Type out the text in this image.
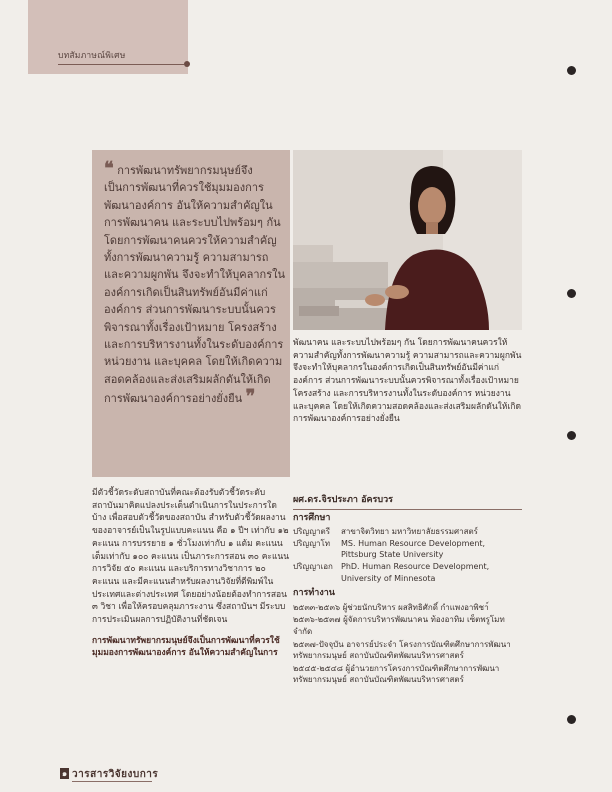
บทสัมภาษณ์พิเศษ
❝ การพัฒนาทรัพยากรมนุษย์จึงเป็นการพัฒนาที่ควรใช้มุมมองการพัฒนาองค์การ อันให้ความสำคัญในการพัฒนาคน และระบบไปพร้อมๆ กัน โดยการพัฒนาคนควรให้ความสำคัญทั้งการพัฒนาความรู้ ความสามารถ และความผูกพัน จึงจะทำให้บุคลากรในองค์การเกิดเป็นสินทรัพย์อันมีค่าแก่องค์การ ส่วนการพัฒนาระบบนั้นควรพิจารณาทั้งเรื่องเป้าหมาย โครงสร้าง และการบริหารงานทั้งในระดับองค์การ หน่วยงาน และบุคคล โดยให้เกิดความสอดคล้องและส่งเสริมผลักดันให้เกิดการพัฒนาองค์การอย่างยั่งยืน ❞
พัฒนาคน และระบบไปพร้อมๆ กัน โดยการพัฒนาคนควรให้ความสำคัญทั้งการพัฒนาความรู้ ความสามารถและความผูกพัน จึงจะทำให้บุคลากรในองค์การเกิดเป็นสินทรัพย์อันมีค่าแก่องค์การ ส่วนการพัฒนาระบบนั้นควรพิจารณาทั้งเรื่องเป้าหมาย โครงสร้าง และการบริหารงานทั้งในระดับองค์การ หน่วยงาน และบุคคล โดยให้เกิดความสอดคล้องและส่งเสริมผลักดันให้เกิดการพัฒนาองค์การอย่างยั่งยืน

มีตัวชี้วัดระดับสถาบันที่คณะต้องรับตัวชี้วัดระดับสถาบันมาคิดแปลงประเด็นดำเนินการในประการใดบ้าง เพื่อสอบตัวชี้วัดของสถาบัน สำหรับตัวชี้วัดผลงานของอาจารย์เป็นในรูปแบบคะแนน คือ ๑ ปีฯ เท่ากับ ๑๒ คะแนน การบรรยาย ๑ ชั่วโมงเท่ากับ ๑ แต้ม คะแนนเต็มเท่ากับ ๑๐๐ คะแนน เป็นภาระการสอน ๓๐ คะแนน การวิจัย ๕๐ คะแนน และบริการทางวิชาการ ๒๐ คะแนน และมีคะแนนสำหรับผลงานวิจัยที่ตีพิมพ์ในประเทศและต่างประเทศ โดยอย่างน้อยต้องทำการสอน ๓ วิชา เพื่อให้ครอบคลุมภาระงาน ซึ่งสถาบันฯ มีระบบการประเมินผลการปฏิบัติงานที่ชัดเจน

การพัฒนาทรัพยากรมนุษย์จึงเป็นการพัฒนาที่ควรใช้มุมมองการพัฒนาองค์การ อันให้ความสำคัญในการ

ผศ.ดร.จิรประภา อัครบวร
การศึกษา
ปริญญาตรี	สาขาจิตวิทยา มหาวิทยาลัยธรรมศาสตร์
ปริญญาโท	MS. Human Resource Development, Pittsburg State University
ปริญญาเอก	PhD. Human Resource Development, University of Minnesota
การทำงาน
๒๕๓๓-๒๕๓๖ ผู้ช่วยนักบริหาร ผสสิทธิศักดิ์ กำแพงอาพิชา์
๒๕๓๖-๒๕๓๗ ผู้จัดการบริหารพัฒนาคน ท้องอาทิม เซ็ตพรูโมท จำกัด
๒๕๓๗-ปัจจุบัน อาจารย์ประจำ โครงการบัณฑิตศึกษาการพัฒนาทรัพยากรมนุษย์ สถาบันบัณฑิตพัฒนบริหารศาสตร์
๒๕๔๕-๒๕๔๘ ผู้อำนวยการโครงการบัณฑิตศึกษาการพัฒนาทรัพยากรมนุษย์ สถาบันบัณฑิตพัฒนบริหารศาสตร์
๑ วารสารวิจัยงบการ
